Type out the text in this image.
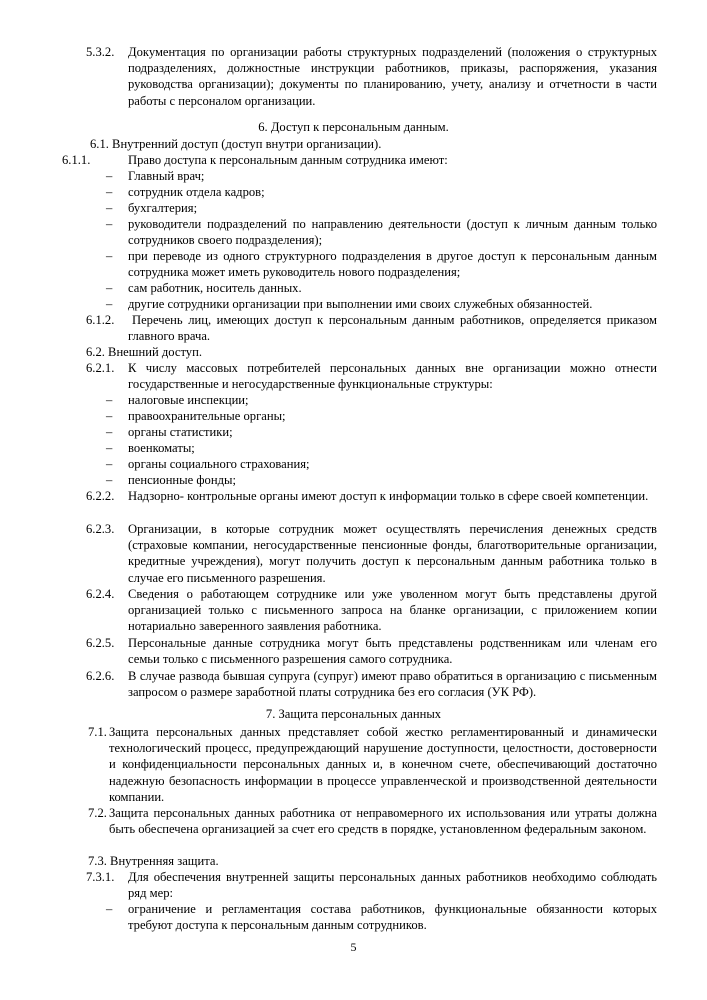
5.3.2. Документация по организации работы структурных подразделений (положения о структурных подразделениях, должностные инструкции работников, приказы, распоряжения, указания руководства организации); документы по планированию, учету, анализу и отчетности в части работы с персоналом организации.
6. Доступ к персональным данным.
6.1. Внутренний доступ (доступ внутри организации).
6.1.1.	Право доступа к персональным данным сотрудника имеют:
– Главный врач;
– сотрудник отдела кадров;
– бухгалтерия;
– руководители подразделений по направлению деятельности (доступ к личным данным только сотрудников своего подразделения);
– при переводе из одного структурного подразделения в другое доступ к персональным данным сотрудника может иметь руководитель нового подразделения;
– сам работник, носитель данных.
– другие сотрудники организации при выполнении ими своих служебных обязанностей.
6.1.2.	Перечень лиц, имеющих доступ к персональным данным работников, определяется приказом главного врача.
6.2. Внешний доступ.
6.2.1. К числу массовых потребителей персональных данных вне организации можно отнести государственные и негосударственные функциональные структуры:
– налоговые инспекции;
– правоохранительные органы;
– органы статистики;
– военкоматы;
– органы социального страхования;
– пенсионные фонды;
6.2.2. Надзорно- контрольные органы имеют доступ к информации только в сфере своей компетенции.
6.2.3. Организации, в которые сотрудник может осуществлять перечисления денежных средств (страховые компании, негосударственные пенсионные фонды, благотворительные организации, кредитные учреждения), могут получить доступ к персональным данным работника только в случае его письменного разрешения.
6.2.4. Сведения о работающем сотруднике или уже уволенном могут быть представлены другой организацией только с письменного запроса на бланке организации, с приложением копии нотариально заверенного заявления работника.
6.2.5. Персональные данные сотрудника могут быть представлены родственникам или членам его семьи только с письменного разрешения самого сотрудника.
6.2.6. В случае развода бывшая супруга (супруг) имеют право обратиться в организацию с письменным запросом о размере заработной платы сотрудника без его согласия (УК РФ).
7. Защита персональных данных
7.1. Защита персональных данных представляет собой жестко регламентированный и динамически технологический процесс, предупреждающий нарушение доступности, целостности, достоверности и конфиденциальности персональных данных и, в конечном счете, обеспечивающий достаточно надежную безопасность информации в процессе управленческой и производственной деятельности компании.
7.2. Защита персональных данных работника от неправомерного их использования или утраты должна быть обеспечена организацией за счет его средств в порядке, установленном федеральным законом.
7.3. Внутренняя защита.
7.3.1. Для обеспечения внутренней защиты персональных данных работников необходимо соблюдать ряд мер:
– ограничение и регламентация состава работников, функциональные обязанности которых требуют доступа к персональным данным сотрудников.
5
